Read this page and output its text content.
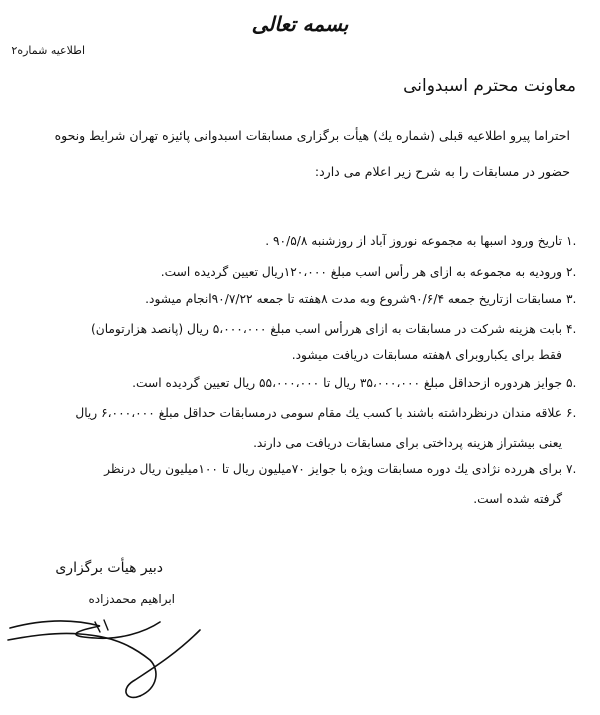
بسمه تعالی
اطلاعیه شماره۲
معاونت محترم اسبدوانی
احتراما پیرو اطلاعیه قبلی (شماره یك) هیأت برگزاری مسابقات اسبدوانی پائیزه تهران شرایط ونحوه
حضور در مسابقات را به شرح زیر اعلام می دارد:
.۱
تاریخ ورود اسبها به مجموعه نوروز آباد از روزشنبه ۹۰/۵/۸ .
.۲
ورودیه به مجموعه به ازای هر رأس اسب مبلغ ۱۲۰،۰۰۰ریال تعیین گردیده است.
.۳
مسابقات ازتاریخ جمعه ۹۰/۶/۴شروع وبه مدت ۸هفته تا جمعه ۹۰/۷/۲۲انجام میشود.
.۴
بابت هزینه شرکت در مسابقات به ازای هررأس اسب مبلغ ۵،۰۰۰،۰۰۰ ریال (پانصد هزارتومان)
فقط برای یکباروبرای ۸هفته مسابقات دریافت میشود.
.۵
جوایز هردوره ازحداقل مبلغ ۳۵،۰۰۰،۰۰۰ ریال تا ۵۵،۰۰۰،۰۰۰ ریال تعیین گردیده است.
.۶
علاقه مندان درنظرداشته باشند با کسب یك مقام سومی درمسابقات حداقل مبلغ ۶،۰۰۰،۰۰۰ ریال
یعنی بیشتراز هزینه پرداختی برای مسابقات دریافت می دارند.
.۷
برای هررده نژادی یك دوره مسابقات ویژه با جوایز ۷۰میلیون ریال تا ۱۰۰میلیون ریال درنظر
گرفته شده است.
دبیر هیأت برگزاری
ابراهیم محمدزاده
